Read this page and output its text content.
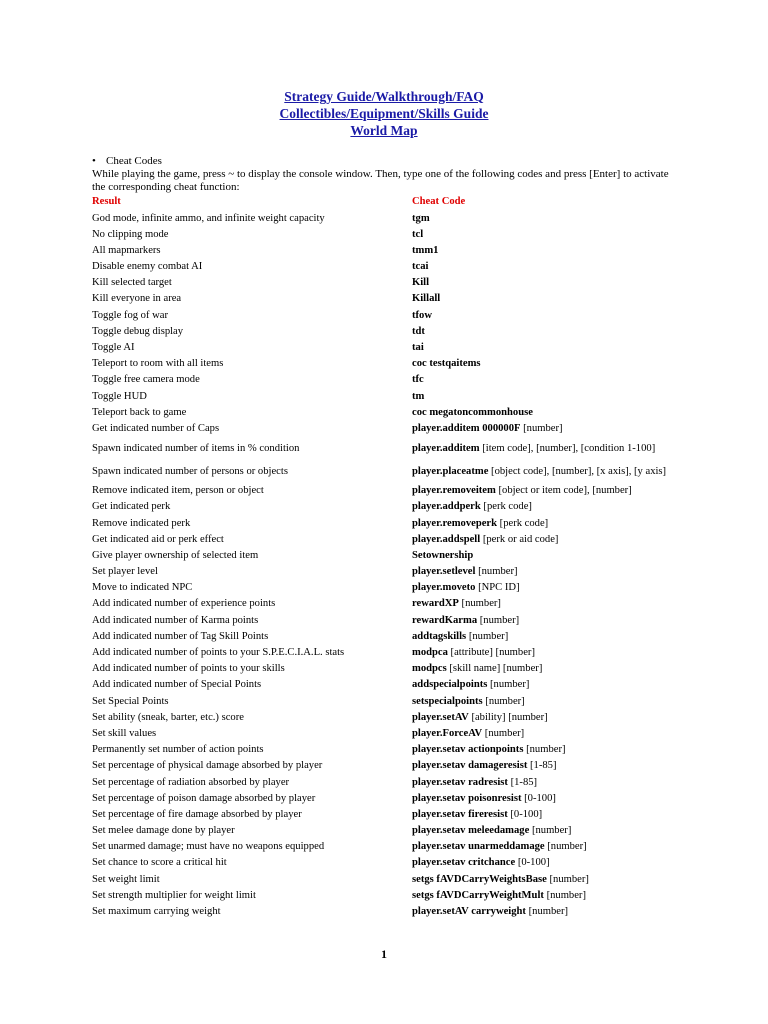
Strategy Guide/Walkthrough/FAQ
Collectibles/Equipment/Skills Guide
World Map
• Cheat Codes
While playing the game, press ~ to display the console window. Then, type one of the following codes and press [Enter] to activate the corresponding cheat function:
Result	Cheat Code
God mode, infinite ammo, and infinite weight capacity	tgm
No clipping mode	tcl
All mapmarkers	tmm1
Disable enemy combat AI	tcai
Kill selected target	Kill
Kill everyone in area	Killall
Toggle fog of war	tfow
Toggle debug display	tdt
Toggle AI	tai
Teleport to room with all items	coc testqaitems
Toggle free camera mode	tfc
Toggle HUD	tm
Teleport back to game	coc megatoncommonhouse
Get indicated number of Caps	player.additem 000000F [number]
Spawn indicated number of items in % condition	player.additem [item code], [number], [condition 1-100]
Spawn indicated number of persons or objects	player.placeatme [object code], [number], [x axis], [y axis]
Remove indicated item, person or object	player.removeitem [object or item code], [number]
Get indicated perk	player.addperk [perk code]
Remove indicated perk	player.removeperk [perk code]
Get indicated aid or perk effect	player.addspell [perk or aid code]
Give player ownership of selected item	Setownership
Set player level	player.setlevel [number]
Move to indicated NPC	player.moveto [NPC ID]
Add indicated number of experience points	rewardXP [number]
Add indicated number of Karma points	rewardKarma [number]
Add indicated number of Tag Skill Points	addtagskills [number]
Add indicated number of points to your S.P.E.C.I.A.L. stats	modpca [attribute] [number]
Add indicated number of points to your skills	modpcs [skill name] [number]
Add indicated number of Special Points	addspecialpoints [number]
Set Special Points	setspecialpoints [number]
Set ability (sneak, barter, etc.) score	player.setAV [ability] [number]
Set skill values	player.ForceAV [number]
Permanently set number of action points	player.setav actionpoints [number]
Set percentage of physical damage absorbed by player	player.setav damageresist [1-85]
Set percentage of radiation absorbed by player	player.setav radresist [1-85]
Set percentage of poison damage absorbed by player	player.setav poisonresist [0-100]
Set percentage of fire damage absorbed by player	player.setav fireresist [0-100]
Set melee damage done by player	player.setav meleedamage [number]
Set unarmed damage; must have no weapons equipped	player.setav unarmeddamage [number]
Set chance to score a critical hit	player.setav critchance [0-100]
Set weight limit	setgs fAVDCarryWeightsBase [number]
Set strength multiplier for weight limit	setgs fAVDCarryWeightMult [number]
Set maximum carrying weight	player.setAV carryweight [number]
1
